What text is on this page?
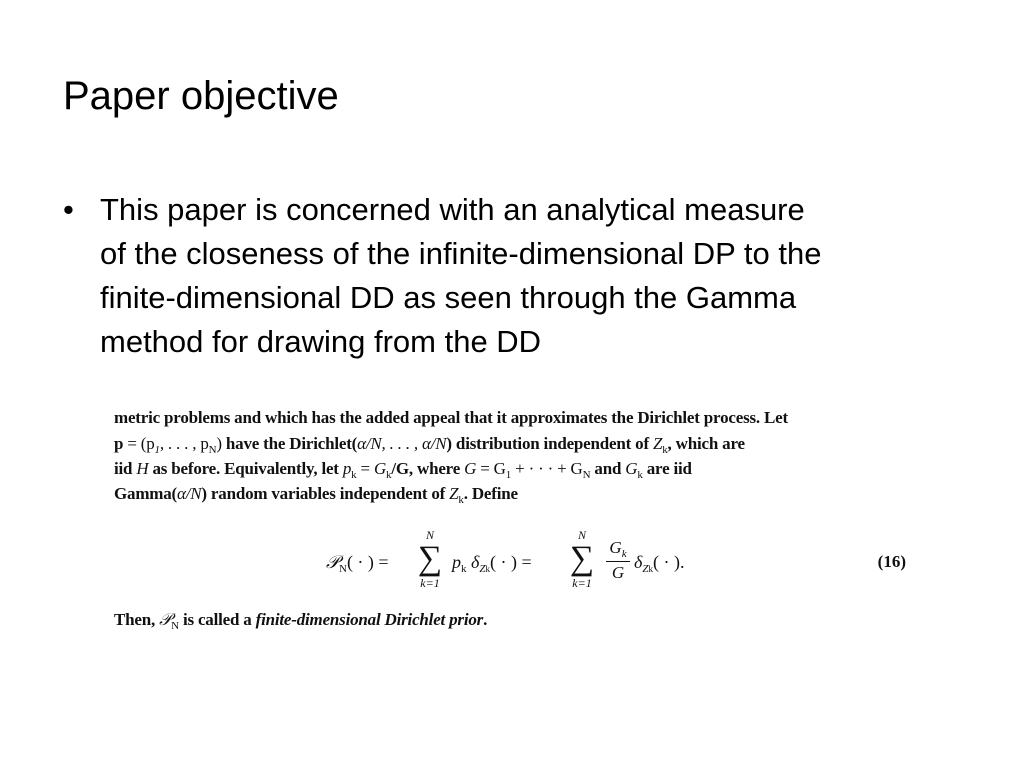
Paper objective
• This paper is concerned with an analytical measure
of the closeness of the infinite-dimensional DP to the
finite-dimensional DD as seen through the Gamma
method for drawing from the DD
metric problems and which has the added appeal that it approximates the Dirichlet process. Let
$p = (p_1$, . . . , $p_N$) have the Dirichlet(α/N, . . . , α/N) distribution independent of $Z_k$, which are
iid H as before. Equivalently, let $p_k = G_k/G$, where $G = G_1$ + · · · + $G_N$ and $G_k$ are iid
Gamma(α/N) random variables independent of $Z_k$. Define
𝒫$_N$( · ) =
N
∑
k=1
$p_k$ $\delta_{Zk}$( · ) =
N
∑
k=1
$G_k$
G
$\delta_{Zk}$( · ).	(16)
Then, 𝒫$_N$ is called a finite-dimensional Dirichlet prior.
